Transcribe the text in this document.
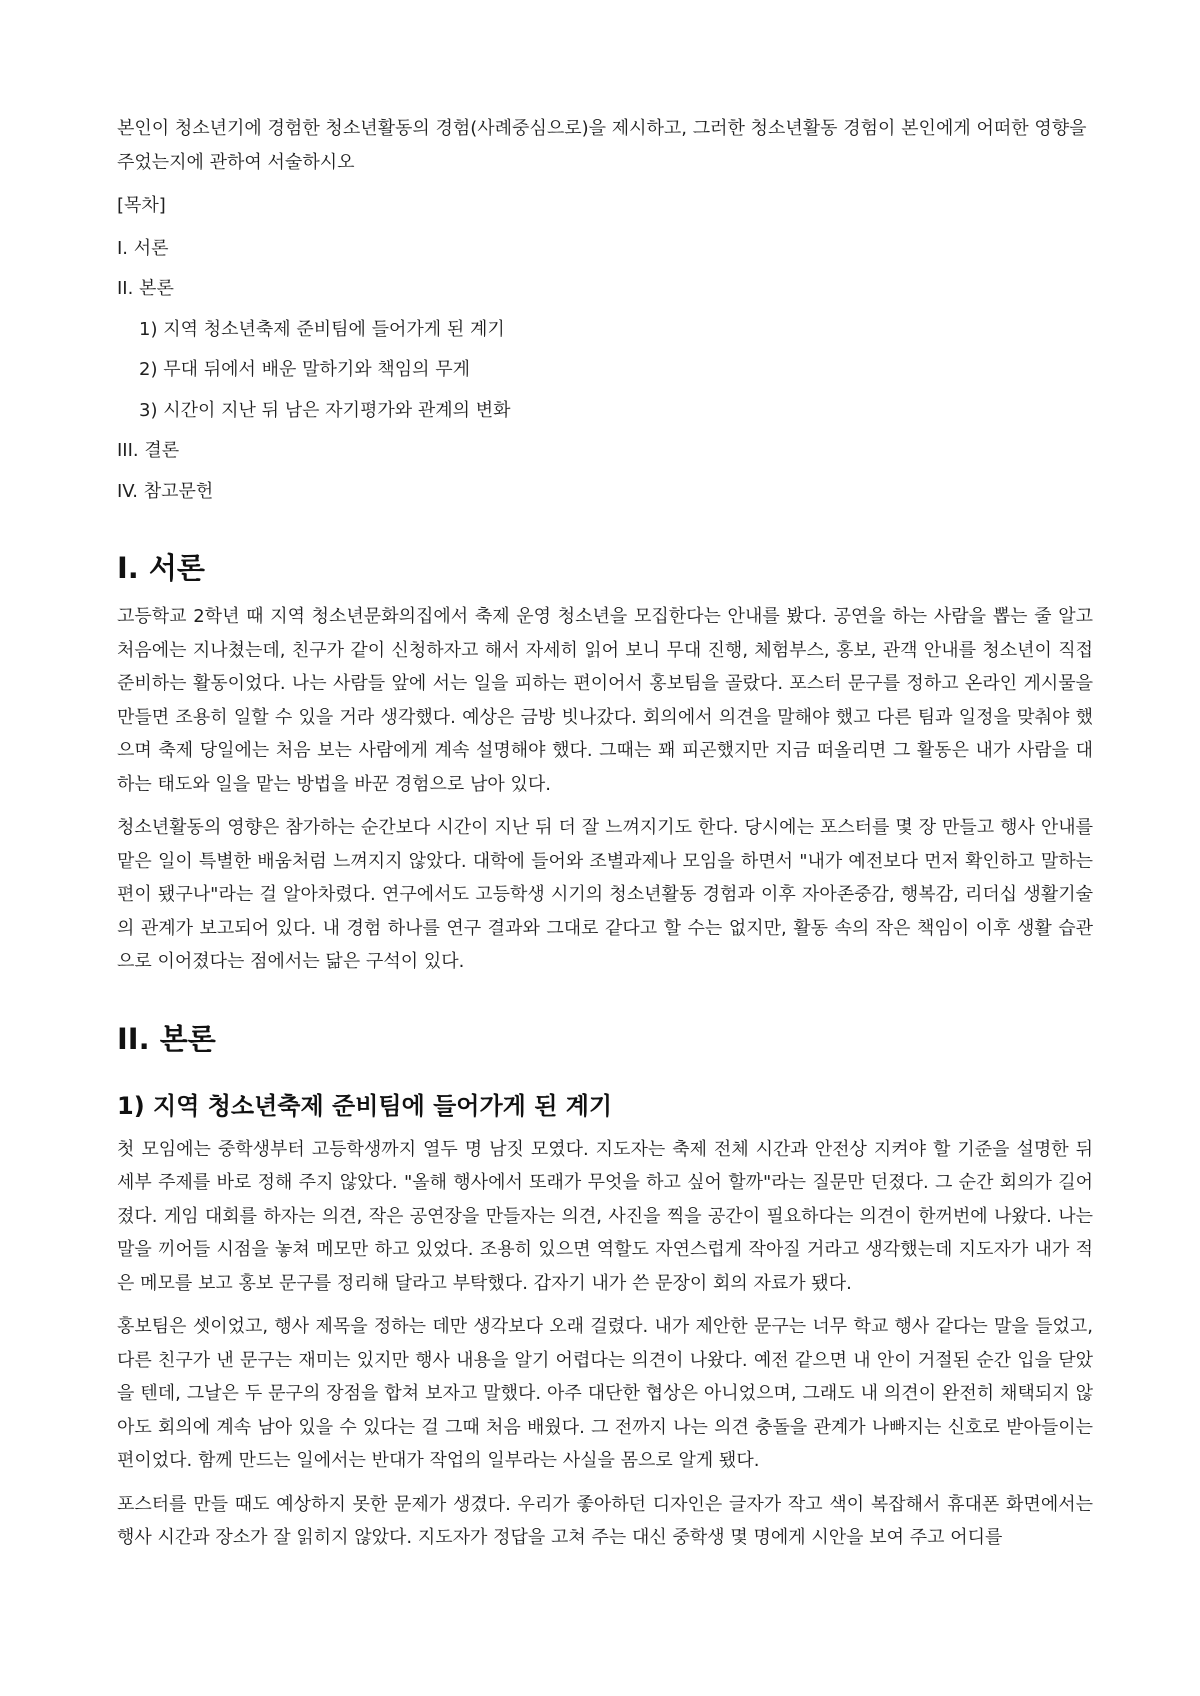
본인이 청소년기에 경험한 청소년활동의 경험(사례중심으로)을 제시하고, 그러한 청소년활동 경험이 본인에게 어떠한 영향을 주었는지에 관하여 서술하시오

[목차]
I. 서론
II. 본론
1) 지역 청소년축제 준비팀에 들어가게 된 계기
2) 무대 뒤에서 배운 말하기와 책임의 무게
3) 시간이 지난 뒤 남은 자기평가와 관계의 변화
III. 결론
IV. 참고문헌
I. 서론

고등학교 2학년 때 지역 청소년문화의집에서 축제 운영 청소년을 모집한다는 안내를 봤다. 공연을 하는 사람을 뽑는 줄 알고 처음에는 지나쳤는데, 친구가 같이 신청하자고 해서 자세히 읽어 보니 무대 진행, 체험부스, 홍보, 관객 안내를 청소년이 직접 준비하는 활동이었다. 나는 사람들 앞에 서는 일을 피하는 편이어서 홍보팀을 골랐다. 포스터 문구를 정하고 온라인 게시물을 만들면 조용히 일할 수 있을 거라 생각했다. 예상은 금방 빗나갔다. 회의에서 의견을 말해야 했고 다른 팀과 일정을 맞춰야 했으며 축제 당일에는 처음 보는 사람에게 계속 설명해야 했다. 그때는 꽤 피곤했지만 지금 떠올리면 그 활동은 내가 사람을 대하는 태도와 일을 맡는 방법을 바꾼 경험으로 남아 있다.

청소년활동의 영향은 참가하는 순간보다 시간이 지난 뒤 더 잘 느껴지기도 한다. 당시에는 포스터를 몇 장 만들고 행사 안내를 맡은 일이 특별한 배움처럼 느껴지지 않았다. 대학에 들어와 조별과제나 모임을 하면서 "내가 예전보다 먼저 확인하고 말하는 편이 됐구나"라는 걸 알아차렸다. 연구에서도 고등학생 시기의 청소년활동 경험과 이후 자아존중감, 행복감, 리더십 생활기술의 관계가 보고되어 있다. 내 경험 하나를 연구 결과와 그대로 같다고 할 수는 없지만, 활동 속의 작은 책임이 이후 생활 습관으로 이어졌다는 점에서는 닮은 구석이 있다.

II. 본론
1) 지역 청소년축제 준비팀에 들어가게 된 계기

첫 모임에는 중학생부터 고등학생까지 열두 명 남짓 모였다. 지도자는 축제 전체 시간과 안전상 지켜야 할 기준을 설명한 뒤 세부 주제를 바로 정해 주지 않았다. "올해 행사에서 또래가 무엇을 하고 싶어 할까"라는 질문만 던졌다. 그 순간 회의가 길어졌다. 게임 대회를 하자는 의견, 작은 공연장을 만들자는 의견, 사진을 찍을 공간이 필요하다는 의견이 한꺼번에 나왔다. 나는 말을 끼어들 시점을 놓쳐 메모만 하고 있었다. 조용히 있으면 역할도 자연스럽게 작아질 거라고 생각했는데 지도자가 내가 적은 메모를 보고 홍보 문구를 정리해 달라고 부탁했다. 갑자기 내가 쓴 문장이 회의 자료가 됐다.

홍보팀은 셋이었고, 행사 제목을 정하는 데만 생각보다 오래 걸렸다. 내가 제안한 문구는 너무 학교 행사 같다는 말을 들었고, 다른 친구가 낸 문구는 재미는 있지만 행사 내용을 알기 어렵다는 의견이 나왔다. 예전 같으면 내 안이 거절된 순간 입을 닫았을 텐데, 그날은 두 문구의 장점을 합쳐 보자고 말했다. 아주 대단한 협상은 아니었으며, 그래도 내 의견이 완전히 채택되지 않아도 회의에 계속 남아 있을 수 있다는 걸 그때 처음 배웠다. 그 전까지 나는 의견 충돌을 관계가 나빠지는 신호로 받아들이는 편이었다. 함께 만드는 일에서는 반대가 작업의 일부라는 사실을 몸으로 알게 됐다.

포스터를 만들 때도 예상하지 못한 문제가 생겼다. 우리가 좋아하던 디자인은 글자가 작고 색이 복잡해서 휴대폰 화면에서는 행사 시간과 장소가 잘 읽히지 않았다. 지도자가 정답을 고쳐 주는 대신 중학생 몇 명에게 시안을 보여 주고 어디를
